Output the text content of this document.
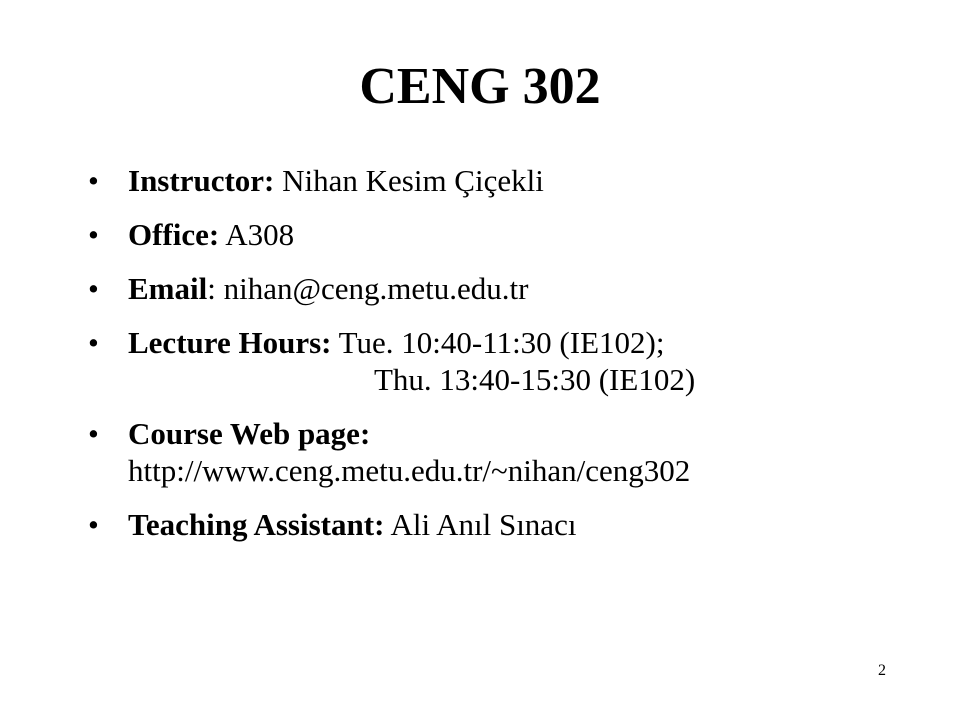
CENG 302
• Instructor: Nihan Kesim Çiçekli
• Office: A308
• Email: nihan@ceng.metu.edu.tr
• Lecture Hours: Tue. 10:40-11:30 (IE102);
Thu. 13:40-15:30 (IE102)
• Course Web page:
http://www.ceng.metu.edu.tr/~nihan/ceng302
• Teaching Assistant: Ali Anıl Sınacı
2
